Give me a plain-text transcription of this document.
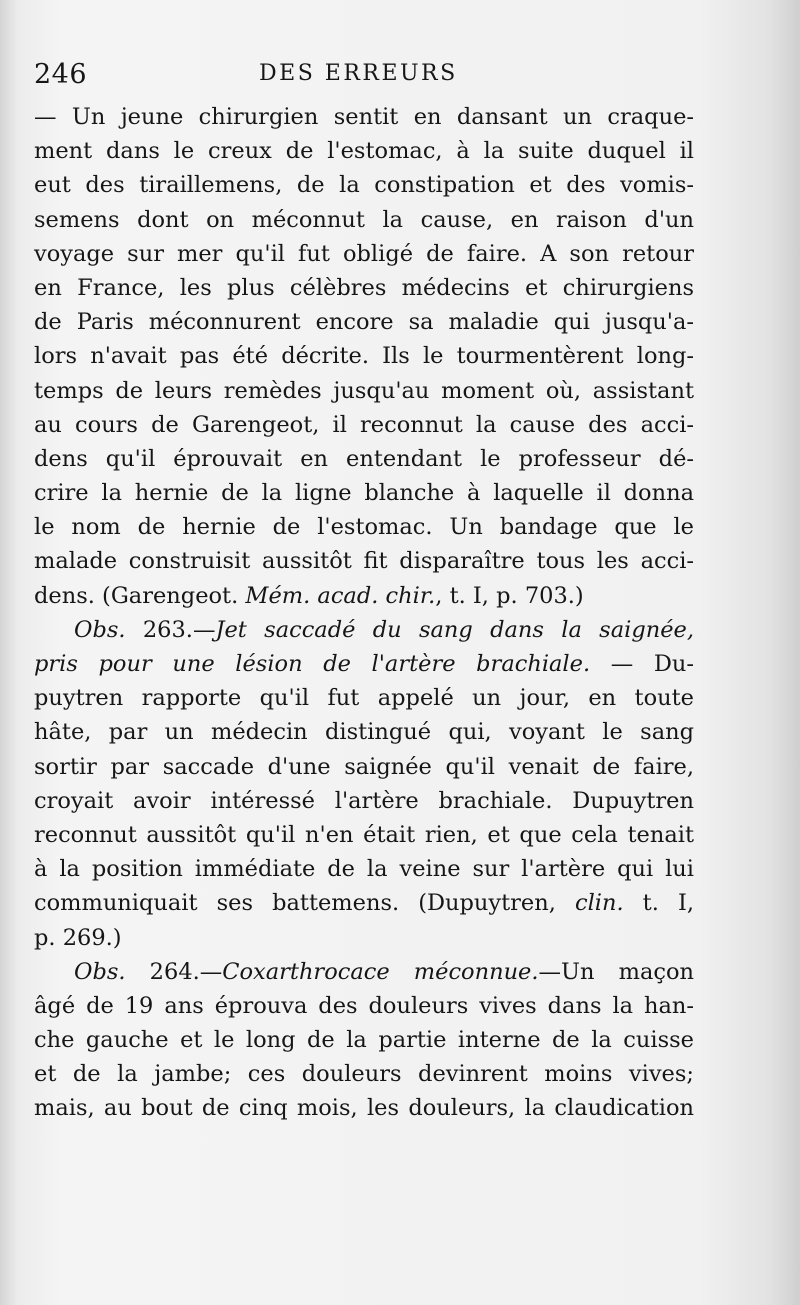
246	DES ERREURS
— Un jeune chirurgien sentit en dansant un craque-
ment dans le creux de l'estomac, à la suite duquel il
eut des tiraillemens, de la constipation et des vomis-
semens dont on méconnut la cause, en raison d'un
voyage sur mer qu'il fut obligé de faire. A son retour
en France, les plus célèbres médecins et chirurgiens
de Paris méconnurent encore sa maladie qui jusqu'a-
lors n'avait pas été décrite. Ils le tourmentèrent long-
temps de leurs remèdes jusqu'au moment où, assistant
au cours de Garengeot, il reconnut la cause des acci-
dens qu'il éprouvait en entendant le professeur dé-
crire la hernie de la ligne blanche à laquelle il donna
le nom de hernie de l'estomac. Un bandage que le
malade construisit aussitôt fit disparaître tous les acci-
dens. (Garengeot. Mém. acad. chir., t. I, p. 703.)
Obs. 263.—Jet saccadé du sang dans la saignée,
pris pour une lésion de l'artère brachiale. — Du-
puytren rapporte qu'il fut appelé un jour, en toute
hâte, par un médecin distingué qui, voyant le sang
sortir par saccade d'une saignée qu'il venait de faire,
croyait avoir intéressé l'artère brachiale. Dupuytren
reconnut aussitôt qu'il n'en était rien, et que cela tenait
à la position immédiate de la veine sur l'artère qui lui
communiquait ses battemens. (Dupuytren, clin. t. I,
p. 269.)
Obs. 264.—Coxarthrocace méconnue.—Un maçon
âgé de 19 ans éprouva des douleurs vives dans la han-
che gauche et le long de la partie interne de la cuisse
et de la jambe; ces douleurs devinrent moins vives;
mais, au bout de cinq mois, les douleurs, la claudication
